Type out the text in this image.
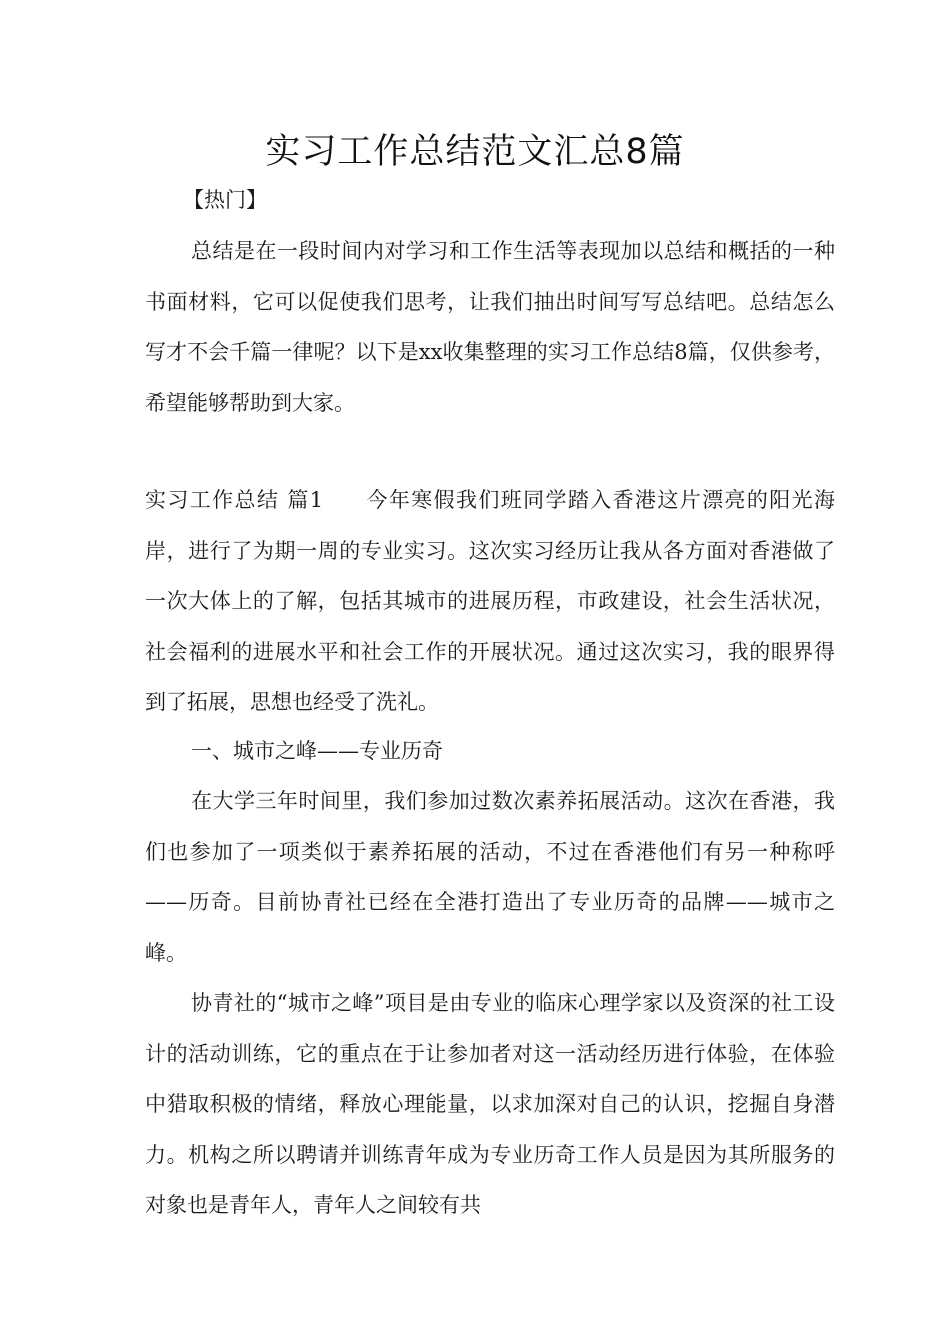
实习工作总结范文汇总8篇
【热门】

总结是在一段时间内对学习和工作生活等表现加以总结和概括的一种书面材料，它可以促使我们思考，让我们抽出时间写写总结吧。总结怎么写才不会千篇一律呢？以下是xx收集整理的实习工作总结8篇，仅供参考，希望能够帮助到大家。

实习工作总结 篇1 今年寒假我们班同学踏入香港这片漂亮的阳光海岸，进行了为期一周的专业实习。这次实习经历让我从各方面对香港做了一次大体上的了解，包括其城市的进展历程，市政建设，社会生活状况，社会福利的进展水平和社会工作的开展状况。通过这次实习，我的眼界得到了拓展，思想也经受了洗礼。

一、城市之峰——专业历奇

在大学三年时间里，我们参加过数次素养拓展活动。这次在香港，我们也参加了一项类似于素养拓展的活动，不过在香港他们有另一种称呼——历奇。目前协青社已经在全港打造出了专业历奇的品牌——城市之峰。

协青社的“城市之峰”项目是由专业的临床心理学家以及资深的社工设计的活动训练，它的重点在于让参加者对这一活动经历进行体验，在体验中猎取积极的情绪，释放心理能量，以求加深对自己的认识，挖掘自身潜力。机构之所以聘请并训练青年成为专业历奇工作人员是因为其所服务的对象也是青年人，青年人之间较有共
